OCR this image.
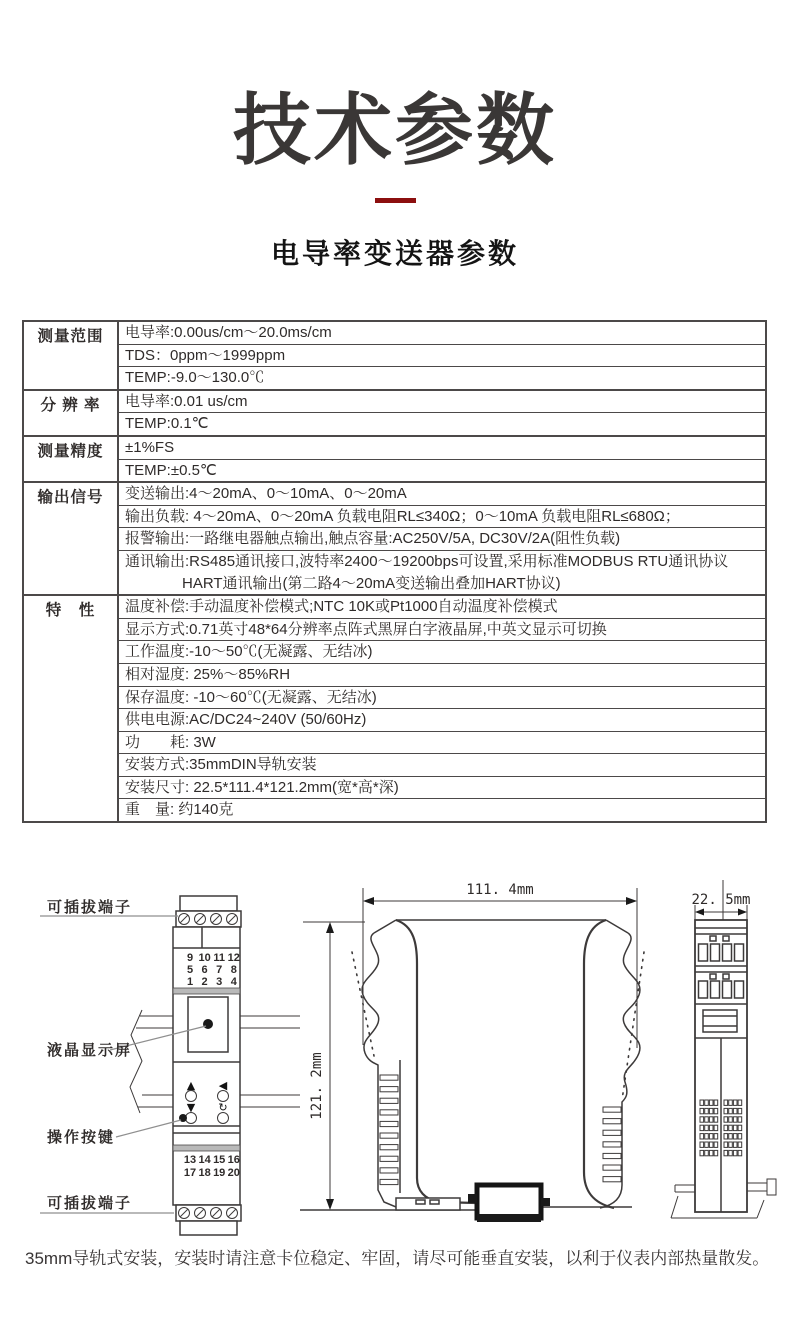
技术参数
电导率变送器参数
测量范围	电导率:0.00us/cm～20.0ms/cm
	TDS：0ppm～1999ppm
	TEMP:-9.0～130.0℃
分 辨 率	电导率:0.01 us/cm
	TEMP:0.1℃
测量精度	±1%FS
	TEMP:±0.5℃
输出信号	变送输出:4～20mA、0～10mA、0～20mA
	输出负载: 4～20mA、0～20mA 负载电阻RL≤340Ω；0～10mA 负载电阻RL≤680Ω；
	报警输出:一路继电器触点输出,触点容量:AC250V/5A, DC30V/2A(阻性负载)
	通讯输出:RS485通讯接口,波特率2400～19200bps可设置,采用标准MODBUS RTU通讯协议
	HART通讯输出(第二路4～20mA变送输出叠加HART协议)
特　性	温度补偿:手动温度补偿模式;NTC 10K或Pt1000自动温度补偿模式
	显示方式:0.71英寸48*64分辨率点阵式黑屏白字液晶屏,中英文显示可切换
	工作温度:-10～50℃(无凝露、无结冰)
	相对湿度: 25%～85%RH
	保存温度: -10～60℃(无凝露、无结冰)
	供电电源:AC/DC24~240V (50/60Hz)
	功　　耗: 3W
	安装方式:35mmDIN导轨安装
	安装尺寸: 22.5*111.4*121.2mm(宽*高*深)
	重　量: 约140克
9 10 11 12
5 6 7 8
1 2 3 4
13 14 15 16
17 18 19 20
▲ ◀
▼ ↻
可插拔端子
液晶显示屏
操作按键
可插拔端子
111. 4mm
121. 2mm
22. 5mm
35mm导轨式安装，安装时请注意卡位稳定、牢固，请尽可能垂直安装，以利于仪表内部热量散发。
